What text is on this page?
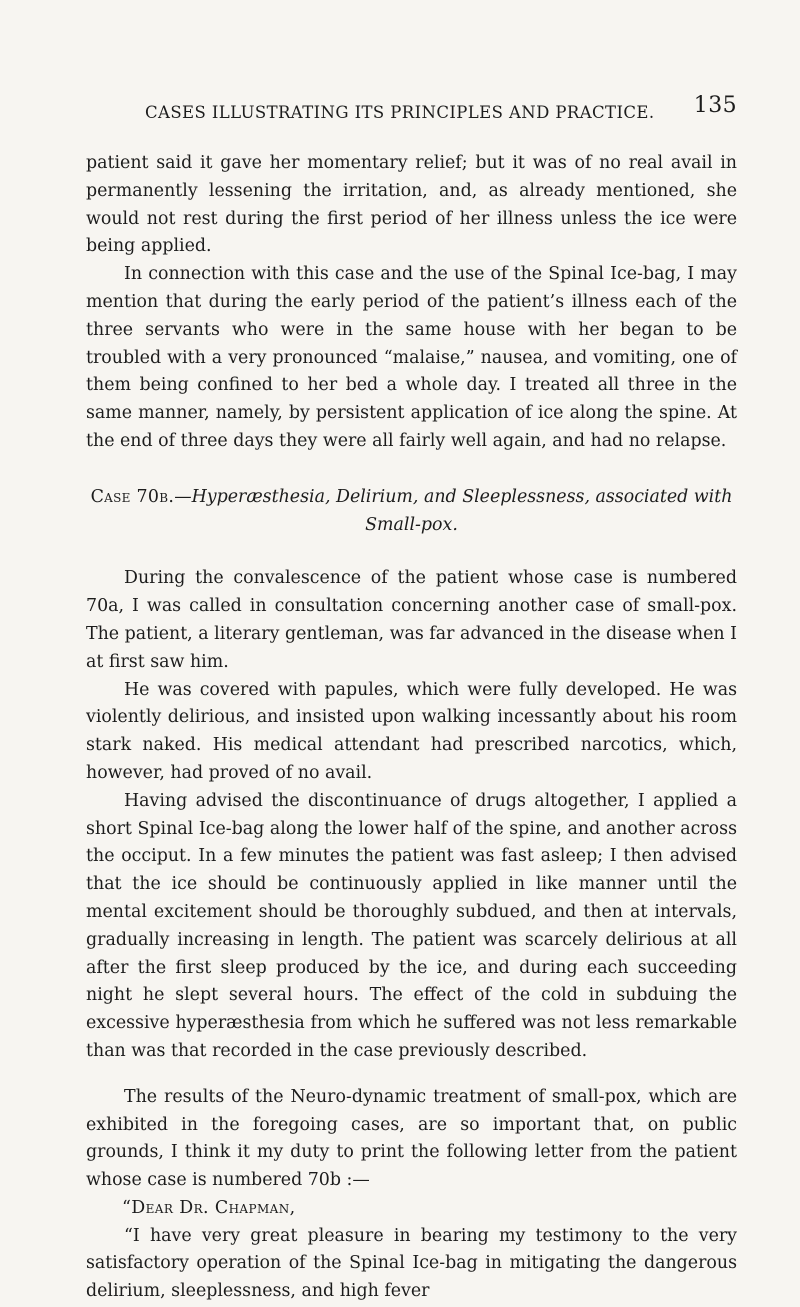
CASES ILLUSTRATING ITS PRINCIPLES AND PRACTICE. 135

patient said it gave her momentary relief; but it was of no real avail in permanently lessening the irritation, and, as already mentioned, she would not rest during the first period of her illness unless the ice were being applied.

In connection with this case and the use of the Spinal Ice-bag, I may mention that during the early period of the patient’s illness each of the three servants who were in the same house with her began to be troubled with a very pronounced “malaise,” nausea, and vomiting, one of them being confined to her bed a whole day. I treated all three in the same manner, namely, by persistent application of ice along the spine. At the end of three days they were all fairly well again, and had no relapse.

Case 70b.—Hyperæsthesia, Delirium, and Sleeplessness, associated with Small-pox.

During the convalescence of the patient whose case is numbered 70a, I was called in consultation concerning another case of small-pox. The patient, a literary gentleman, was far advanced in the disease when I at first saw him.

He was covered with papules, which were fully developed. He was violently delirious, and insisted upon walking incessantly about his room stark naked. His medical attendant had prescribed narcotics, which, however, had proved of no avail.

Having advised the discontinuance of drugs altogether, I applied a short Spinal Ice-bag along the lower half of the spine, and another across the occiput. In a few minutes the patient was fast asleep; I then advised that the ice should be continuously applied in like manner until the mental excitement should be thoroughly subdued, and then at intervals, gradually increasing in length. The patient was scarcely delirious at all after the first sleep produced by the ice, and during each succeeding night he slept several hours. The effect of the cold in subduing the excessive hyperæsthesia from which he suffered was not less remarkable than was that recorded in the case previously described.

The results of the Neuro-dynamic treatment of small-pox, which are exhibited in the foregoing cases, are so important that, on public grounds, I think it my duty to print the following letter from the patient whose case is numbered 70b :—

“Dear Dr. Chapman,

“I have very great pleasure in bearing my testimony to the very satisfactory operation of the Spinal Ice-bag in mitigating the dangerous delirium, sleeplessness, and high fever
